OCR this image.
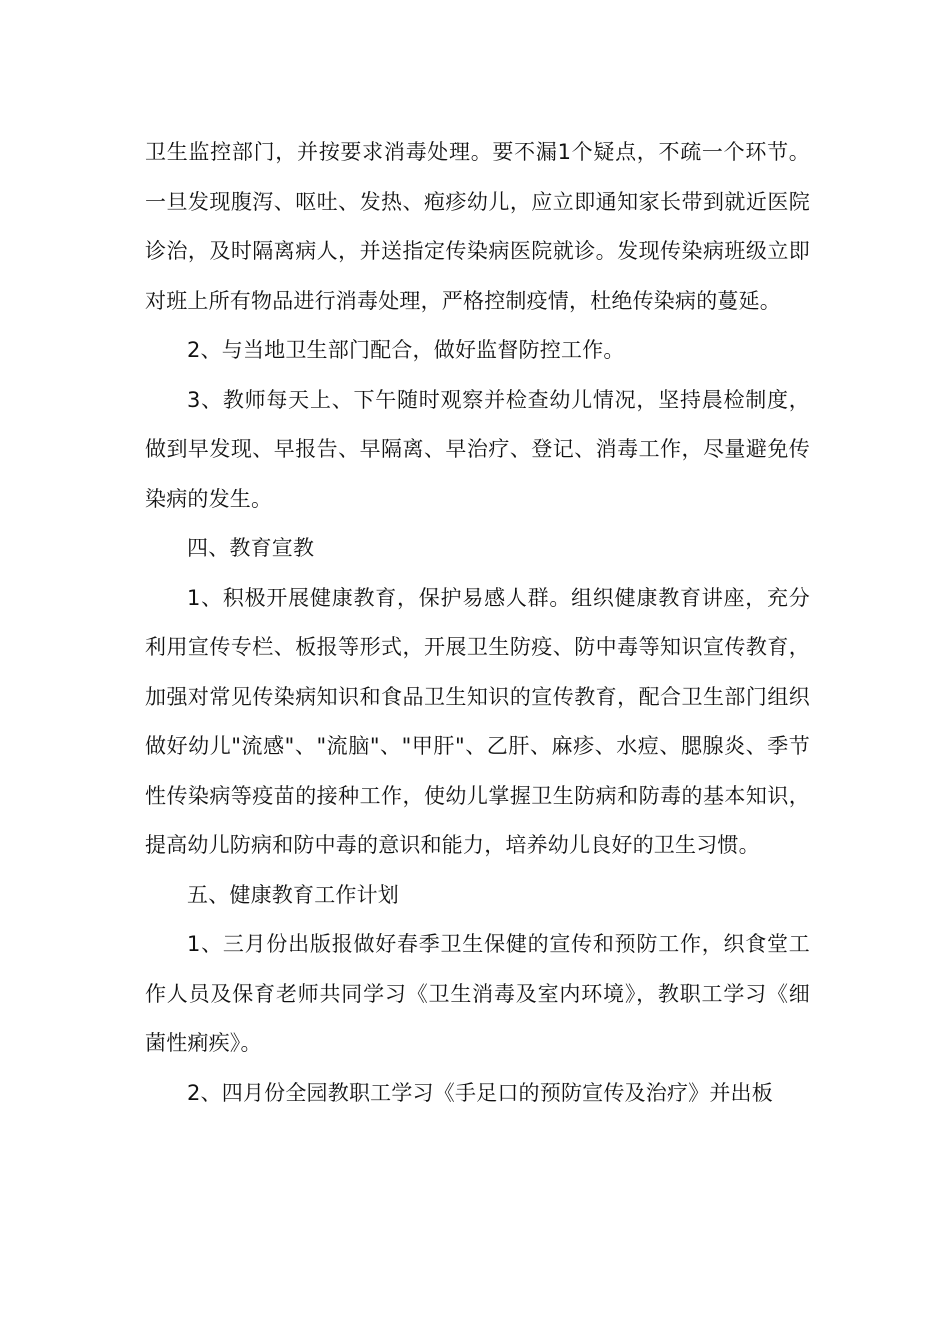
卫生监控部门，并按要求消毒处理。要不漏1个疑点，不疏一个环节。一旦发现腹泻、呕吐、发热、疱疹幼儿，应立即通知家长带到就近医院诊治，及时隔离病人，并送指定传染病医院就诊。发现传染病班级立即对班上所有物品进行消毒处理，严格控制疫情，杜绝传染病的蔓延。

2、与当地卫生部门配合，做好监督防控工作。

3、教师每天上、下午随时观察并检查幼儿情况，坚持晨检制度，做到早发现、早报告、早隔离、早治疗、登记、消毒工作，尽量避免传染病的发生。

四、教育宣教

1、积极开展健康教育，保护易感人群。组织健康教育讲座，充分利用宣传专栏、板报等形式，开展卫生防疫、防中毒等知识宣传教育，加强对常见传染病知识和食品卫生知识的宣传教育，配合卫生部门组织做好幼儿"流感"、"流脑"、"甲肝"、乙肝、麻疹、水痘、腮腺炎、季节性传染病等疫苗的接种工作，使幼儿掌握卫生防病和防毒的基本知识，提高幼儿防病和防中毒的意识和能力，培养幼儿良好的卫生习惯。

五、健康教育工作计划

1、三月份出版报做好春季卫生保健的宣传和预防工作，织食堂工作人员及保育老师共同学习《卫生消毒及室内环境》，教职工学习《细菌性痢疾》。

2、四月份全园教职工学习《手足口的预防宣传及治疗》并出板
